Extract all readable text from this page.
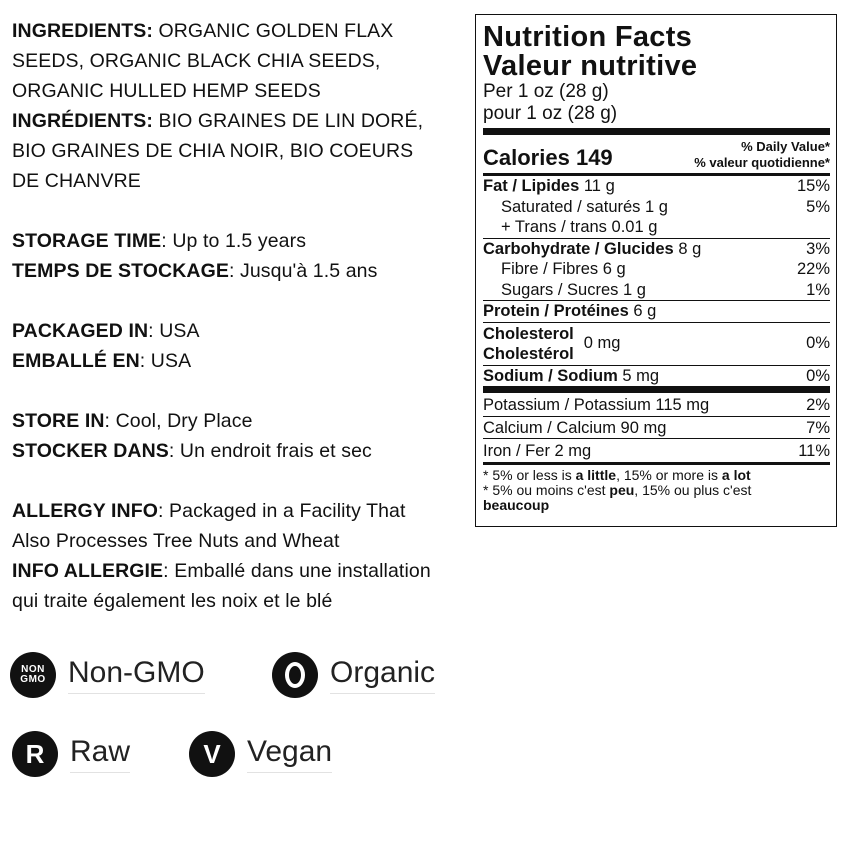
INGREDIENTS: ORGANIC GOLDEN FLAX
SEEDS, ORGANIC BLACK CHIA SEEDS,
ORGANIC HULLED HEMP SEEDS
INGRÉDIENTS: BIO GRAINES DE LIN DORÉ,
BIO GRAINES DE CHIA NOIR, BIO COEURS
DE CHANVRE
STORAGE TIME: Up to 1.5 years
TEMPS DE STOCKAGE: Jusqu'à 1.5 ans
PACKAGED IN: USA
EMBALLÉ EN: USA
STORE IN: Cool, Dry Place
STOCKER DANS: Un endroit frais et sec
ALLERGY INFO: Packaged in a Facility That
Also Processes Tree Nuts and Wheat
INFO ALLERGIE: Emballé dans une installation
qui traite également les noix et le blé
NON
GMO Non-GMO	Organic
R Raw	V Vegan
Nutrition Facts
Valeur nutritive
Per 1 oz (28 g)
pour 1 oz (28 g)
Calories 149	% Daily Value*
% valeur quotidienne*
Fat / Lipides 11 g	15%
Saturated / saturés 1 g	5%
+ Trans / trans 0.01 g
Carbohydrate / Glucides 8 g	3%
Fibre / Fibres 6 g	22%
Sugars / Sucres 1 g	1%
Protein / Protéines 6 g
Cholesterol
Cholestérol
0 mg	0%
Sodium / Sodium 5 mg	0%
Potassium / Potassium 115 mg	2%
Calcium / Calcium 90 mg	7%
Iron / Fer 2 mg	11%
* 5% or less is a little, 15% or more is a lot
* 5% ou moins c'est peu, 15% ou plus c'est
beaucoup
